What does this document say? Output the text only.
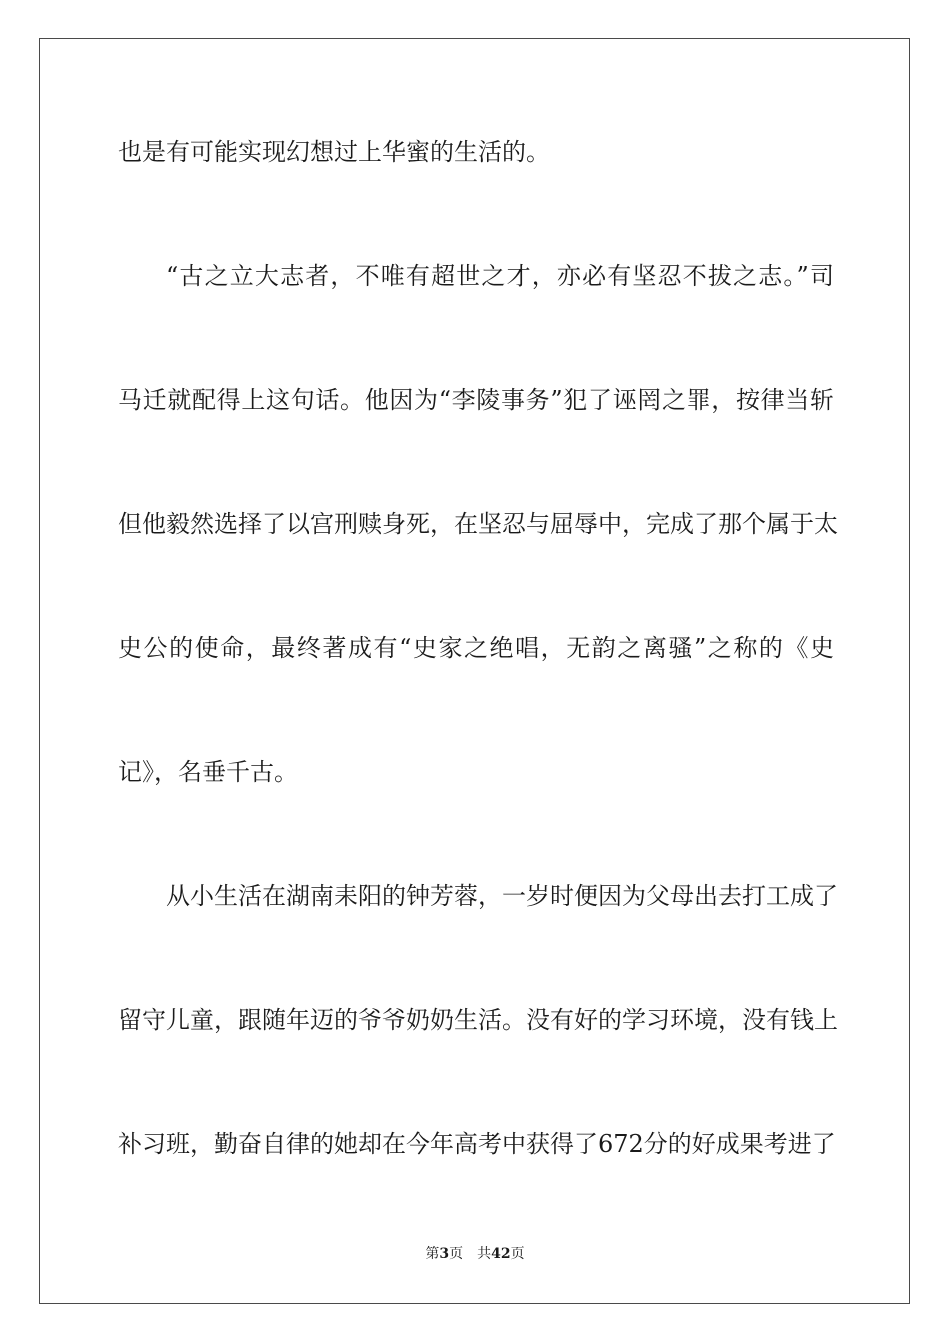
也是有可能实现幻想过上华蜜的生活的。
“古之立大志者，不唯有超世之才，亦必有坚忍不拔之志。”司
马迁就配得上这句话。他因为“李陵事务”犯了诬罔之罪，按律当斩
但他毅然选择了以宫刑赎身死，在坚忍与屈辱中，完成了那个属于太
史公的使命，最终著成有“史家之绝唱，无韵之离骚”之称的《史
记》，名垂千古。
从小生活在湖南耒阳的钟芳蓉，一岁时便因为父母出去打工成了
留守儿童，跟随年迈的爷爷奶奶生活。没有好的学习环境，没有钱上
补习班，勤奋自律的她却在今年高考中获得了672分的好成果考进了
第3页 共42页
